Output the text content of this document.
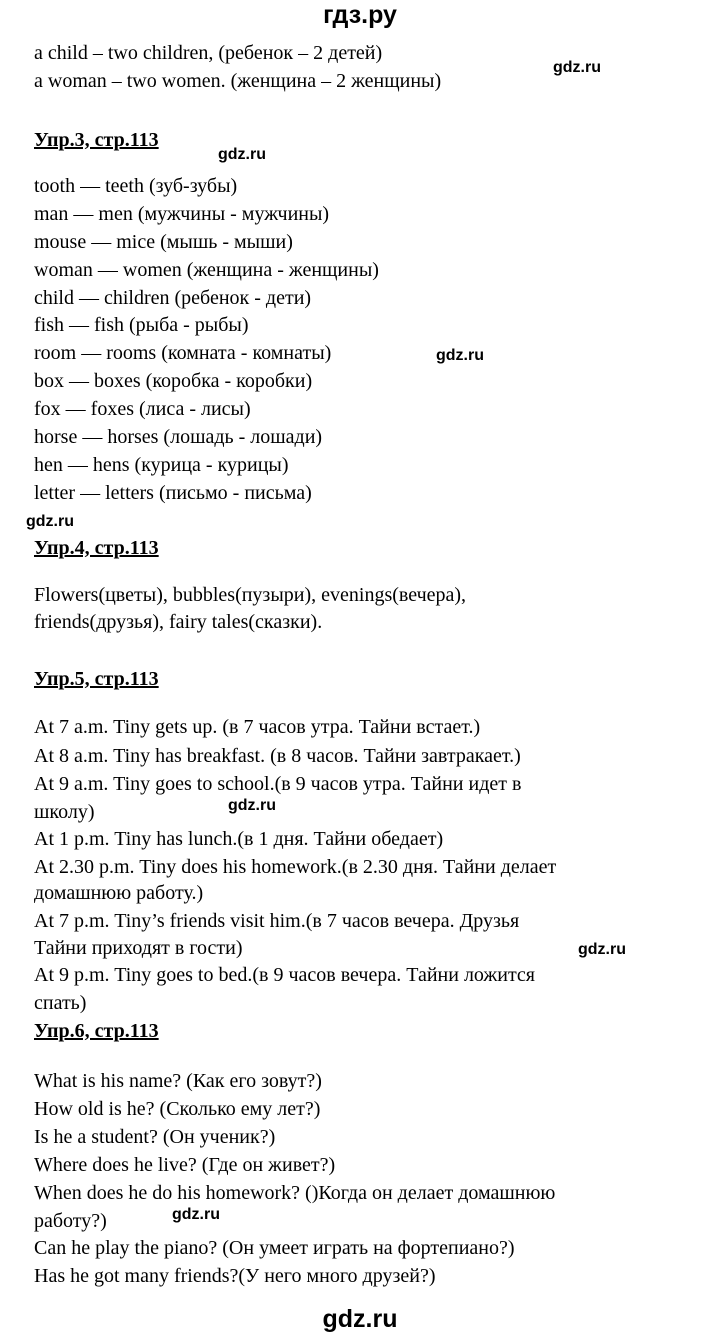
гдз.ру
a child – two children, (ребенок – 2 детей)
a woman – two women. (женщина – 2 женщины)
gdz.ru
Упр.3, стр.113
gdz.ru
tooth — teeth (зуб-зубы)
man — men (мужчины - мужчины)
mouse — mice (мышь - мыши)
woman — women (женщина - женщины)
child — children (ребенок - дети)
fish — fish (рыба - рыбы)
room — rooms (комната - комнаты)	gdz.ru
box — boxes (коробка - коробки)
fox — foxes (лиса - лисы)
horse — horses (лошадь - лошади)
hen — hens (курица - курицы)
letter — letters (письмо - письма)
gdz.ru
Упр.4, стр.113
Flowers(цветы), bubbles(пузыри), evenings(вечера),
friends(друзья), fairy tales(сказки).
Упр.5, стр.113
At 7 a.m. Tiny gets up. (в 7 часов утра. Тайни встает.)
At 8 a.m. Tiny has breakfast. (в 8 часов. Тайни завтракает.)
At 9 a.m. Tiny goes to school.(в 9 часов утра. Тайни идет в
школу)	gdz.ru
At 1 p.m. Tiny has lunch.(в 1 дня. Тайни обедает)
At 2.30 p.m. Tiny does his homework.(в 2.30 дня. Тайни делает
домашнюю работу.)
At 7 p.m. Tiny’s friends visit him.(в 7 часов вечера. Друзья
Тайни приходят в гости)	gdz.ru
At 9 p.m. Tiny goes to bed.(в 9 часов вечера. Тайни ложится
спать)
Упр.6, стр.113
What is his name? (Как его зовут?)
How old is he? (Сколько ему лет?)
Is he a student? (Он ученик?)
Where does he live? (Где он живет?)
When does he do his homework? ()Когда он делает домашнюю
работу?)	gdz.ru
Can he play the piano? (Он умеет играть на фортепиано?)
Has he got many friends?(У него много друзей?)
gdz.ru
